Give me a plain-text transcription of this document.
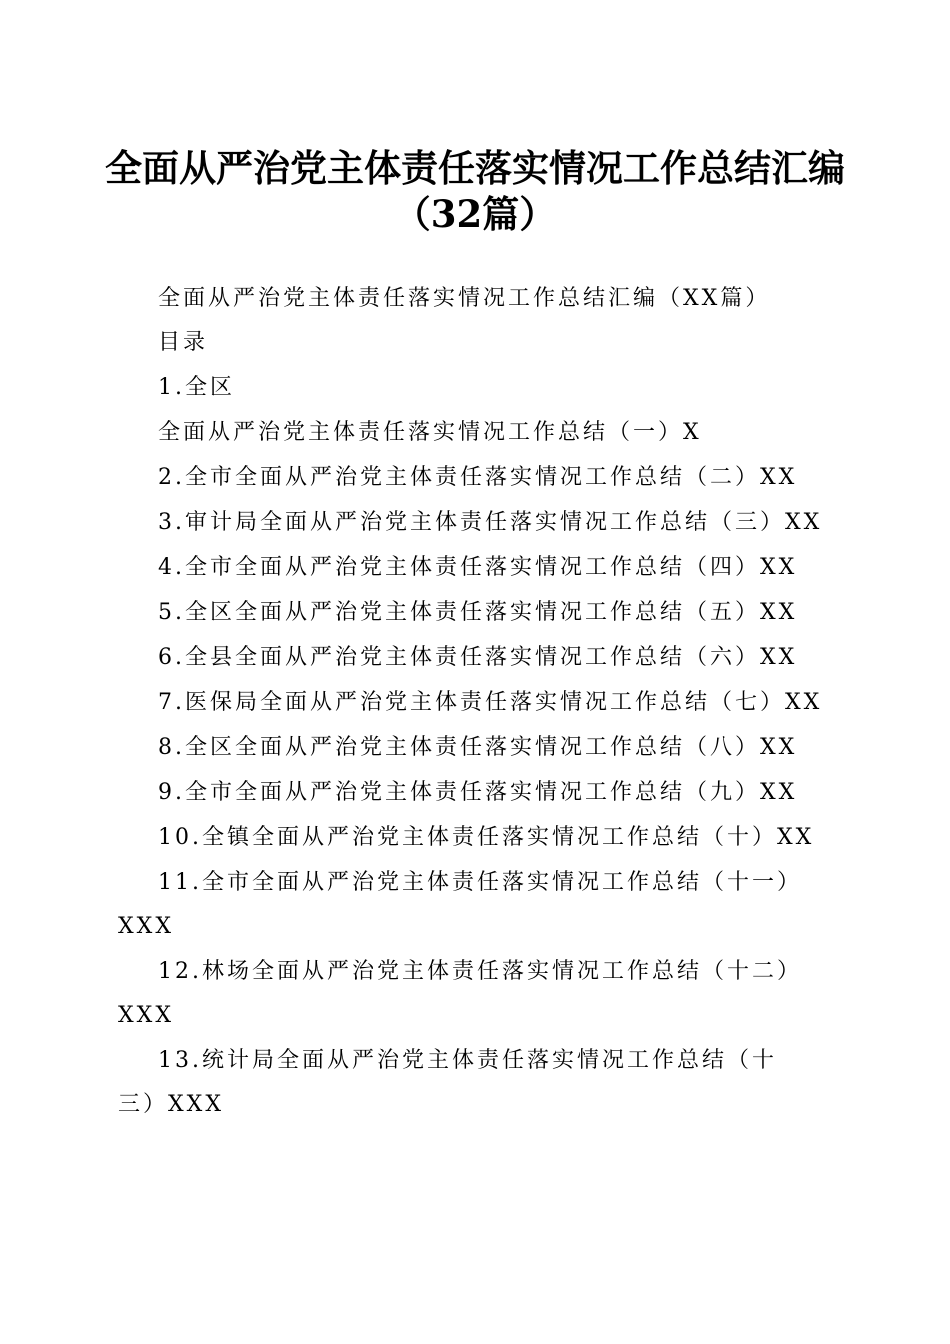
全面从严治党主体责任落实情况工作总结汇编
（32篇）
全面从严治党主体责任落实情况工作总结汇编（XX篇）
目录
1.全区
全面从严治党主体责任落实情况工作总结（一）X
2.全市全面从严治党主体责任落实情况工作总结（二）XX
3.审计局全面从严治党主体责任落实情况工作总结（三）XX
4.全市全面从严治党主体责任落实情况工作总结（四）XX
5.全区全面从严治党主体责任落实情况工作总结（五）XX
6.全县全面从严治党主体责任落实情况工作总结（六）XX
7.医保局全面从严治党主体责任落实情况工作总结（七）XX
8.全区全面从严治党主体责任落实情况工作总结（八）XX
9.全市全面从严治党主体责任落实情况工作总结（九）XX
10.全镇全面从严治党主体责任落实情况工作总结（十）XX
11.全市全面从严治党主体责任落实情况工作总结（十一）
XXX
12.林场全面从严治党主体责任落实情况工作总结（十二）
XXX
13.统计局全面从严治党主体责任落实情况工作总结（十
三）XXX
